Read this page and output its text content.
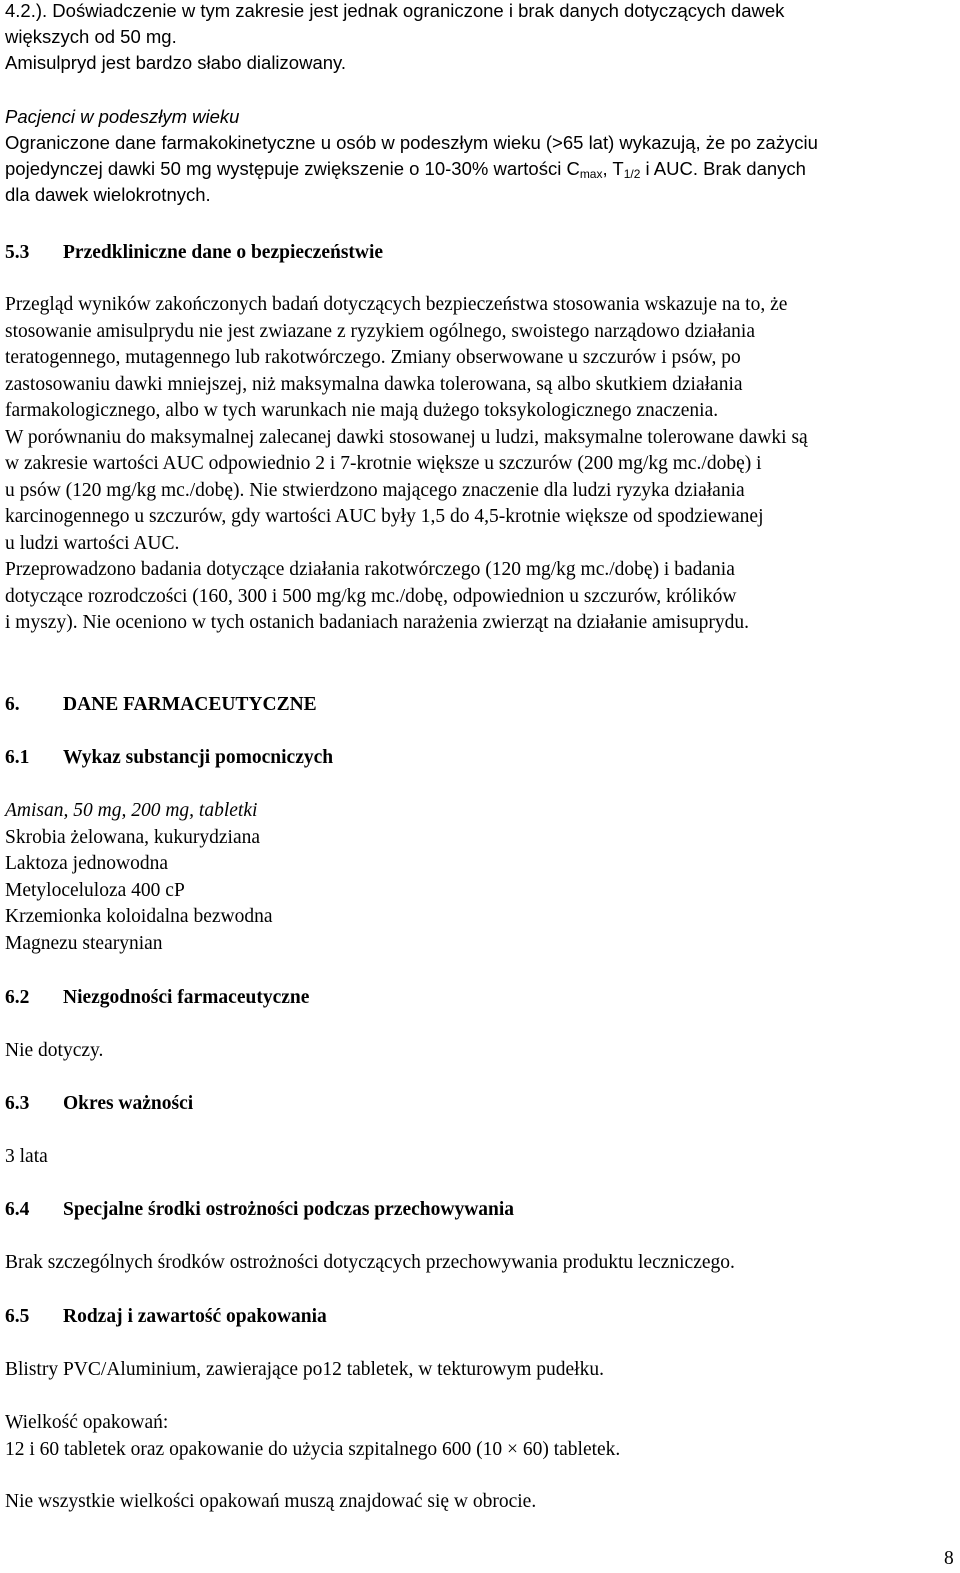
4.2.). Doświadczenie w tym zakresie jest jednak ograniczone i brak danych dotyczących dawek
większych od 50 mg.
Amisulpryd jest bardzo słabo dializowany.
Pacjenci w podeszłym wieku
Ograniczone dane farmakokinetyczne u osób w podeszłym wieku (>65 lat) wykazują, że po zażyciu
pojedynczej dawki 50 mg występuje zwiększenie o 10-30% wartości $C_{max}$, $T_{1/2}$ i AUC. Brak danych
dla dawek wielokrotnych.
5.3 Przedkliniczne dane o bezpieczeństwie
Przegląd wyników zakończonych badań dotyczących bezpieczeństwa stosowania wskazuje na to, że
stosowanie amisulprydu nie jest zwiazane z ryzykiem ogólnego, swoistego narządowo działania
teratogennego, mutagennego lub rakotwórczego. Zmiany obserwowane u szczurów i psów, po
zastosowaniu dawki mniejszej, niż maksymalna dawka tolerowana, są albo skutkiem działania
farmakologicznego, albo w tych warunkach nie mają dużego toksykologicznego znaczenia.
W porównaniu do maksymalnej zalecanej dawki stosowanej u ludzi, maksymalne tolerowane dawki są
w zakresie wartości AUC odpowiednio 2 i 7-krotnie większe u szczurów (200 mg/kg mc./dobę) i
u psów (120 mg/kg mc./dobę). Nie stwierdzono mającego znaczenie dla ludzi ryzyka działania
karcinogennego u szczurów, gdy wartości AUC były 1,5 do 4,5-krotnie większe od spodziewanej
u ludzi wartości AUC.
Przeprowadzono badania dotyczące działania rakotwórczego (120 mg/kg mc./dobę) i badania
dotyczące rozrodczości (160, 300 i 500 mg/kg mc./dobę, odpowiednion u szczurów, królików
i myszy). Nie oceniono w tych ostanich badaniach narażenia zwierząt na działanie amisuprydu.
6. DANE FARMACEUTYCZNE
6.1 Wykaz substancji pomocniczych
Amisan, 50 mg, 200 mg, tabletki
Skrobia żelowana, kukurydziana
Laktoza jednowodna
Metyloceluloza 400 cP
Krzemionka koloidalna bezwodna
Magnezu stearynian
6.2 Niezgodności farmaceutyczne
Nie dotyczy.
6.3 Okres ważności
3 lata
6.4 Specjalne środki ostrożności podczas przechowywania
Brak szczególnych środków ostrożności dotyczących przechowywania produktu leczniczego.
6.5 Rodzaj i zawartość opakowania
Blistry PVC/Aluminium, zawierające po12 tabletek, w tekturowym pudełku.
Wielkość opakowań:
12 i 60 tabletek oraz opakowanie do użycia szpitalnego 600 (10 × 60) tabletek.
Nie wszystkie wielkości opakowań muszą znajdować się w obrocie.
8
